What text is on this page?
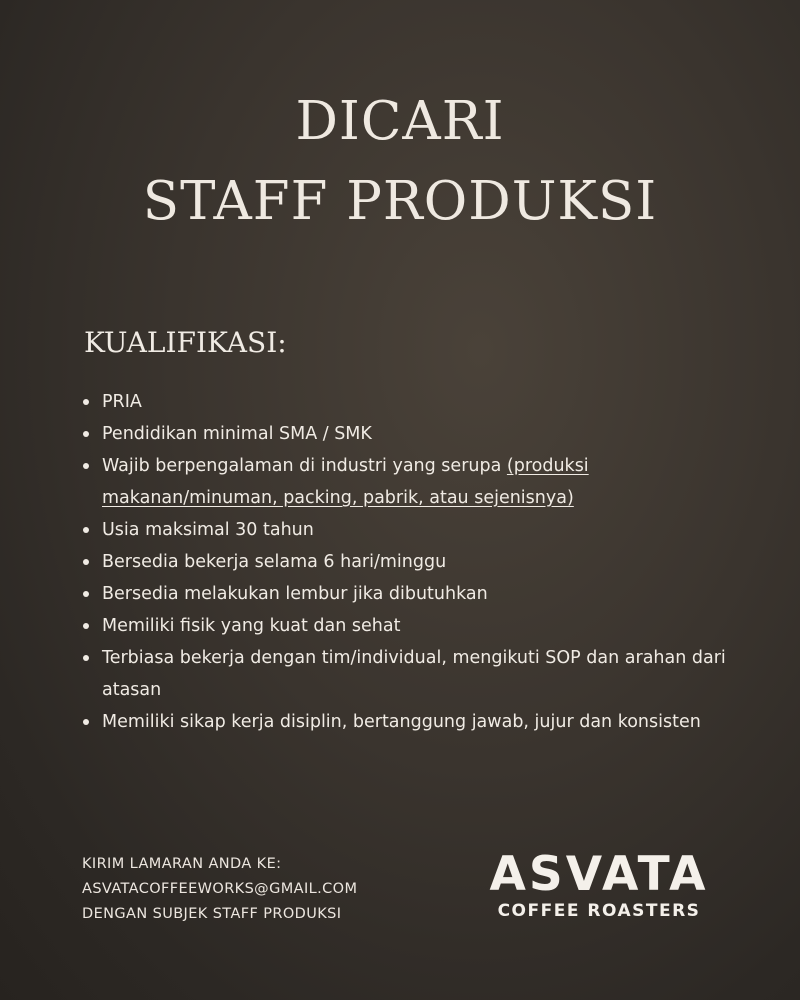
DICARI
STAFF PRODUKSI
KUALIFIKASI:
PRIA
Pendidikan minimal SMA / SMK
Wajib berpengalaman di industri yang serupa (produksi makanan/minuman, packing, pabrik, atau sejenisnya)
Usia maksimal 30 tahun
Bersedia bekerja selama 6 hari/minggu
Bersedia melakukan lembur jika dibutuhkan
Memiliki fisik yang kuat dan sehat
Terbiasa bekerja dengan tim/individual, mengikuti SOP dan arahan dari atasan
Memiliki sikap kerja disiplin, bertanggung jawab, jujur dan konsisten
KIRIM LAMARAN ANDA KE:
ASVATACOFFEEWORKS@GMAIL.COM
DENGAN SUBJEK STAFF PRODUKSI
ASVATA
COFFEE ROASTERS
